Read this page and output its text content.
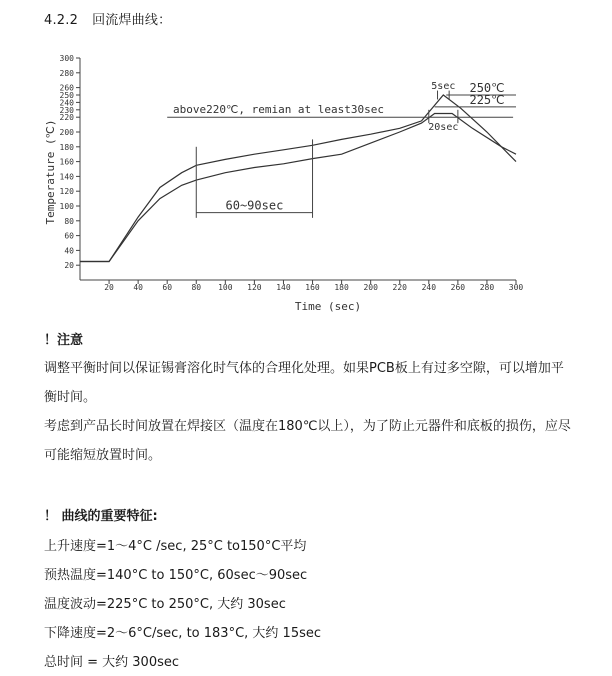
4.2.2 回流焊曲线：
20 40 60 80 100 120 140 160 180 200 220 240 260 280 300
20
40
60
80
100
120
140
160
180
200
220
230
240
250
260
280
300
above220℃, remian at least30sec
60~90sec
5sec 250℃
225℃
20sec
Time (sec)
Temperature (℃)
！注意
调整平衡时间以保证锡膏溶化时气体的合理化处理。如果PCB板上有过多空隙，可以增加平衡时间。
考虑到产品长时间放置在焊接区（温度在180℃以上），为了防止元器件和底板的损伤，应尽可能缩短放置时间。
！ 曲线的重要特征:
上升速度=1～4°C /sec, 25°C to150°C平均
预热温度=140°C to 150°C, 60sec～90sec
温度波动=225°C to 250°C, 大约 30sec
下降速度=2～6°C/sec, to 183°C, 大约 15sec
总时间 = 大约 300sec
